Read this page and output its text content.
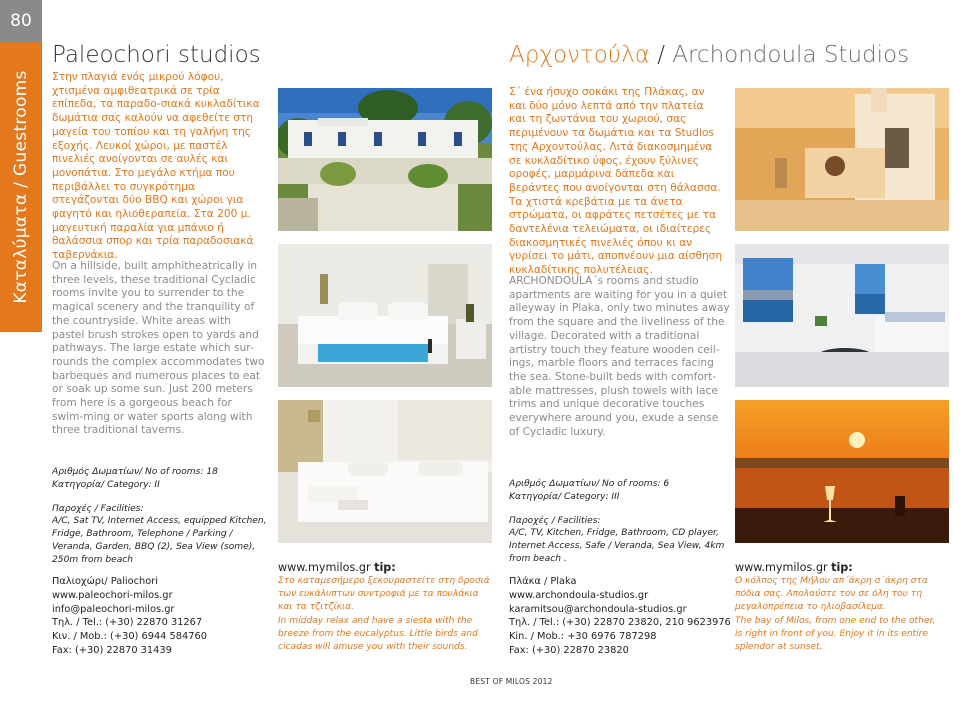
80
Καταλύματα / Guestrooms
Paleochori studios
Στην πλαγιά ενός μικρού λόφου, χτισμένα αμφιθεατρικά σε τρία επίπεδα, τα παραδο-σιακά κυκλαδίτικα δωμάτια σας καλούν να αφεθείτε στη μαγεία του τοπίου και τη γαλήνη της εξοχής. Λευκοί χώροι, με παστέλ πινελιές ανοίγονται σε αυλές και μονοπάτια. Στο μεγάλο κτήμα που περιβάλλει το συγκρότημα στεγάζονται δύο BBQ και χώροι για φαγητό και ηλιοθεραπεία. Στα 200 μ. μαγευτική παραλία για μπάνιο ή θαλάσσια σπορ και τρία παραδοσιακά ταβερνάκια.
On a hillside, built amphitheatrically in three levels, these traditional Cycladic rooms invite you to surrender to the magical scenery and the tranquility of the countryside. White areas with pastel brush strokes open to yards and pathways. The large estate which sur-rounds the complex accommodates two barbeques and numerous places to eat or soak up some sun. Just 200 meters from here is a gorgeous beach for swim-ming or water sports along with three traditional taverns.

Αριθμός Δωματίων/ No of rooms: 18

Κατηγορία/ Category: ΙΙ

Παροχές / Facilities:

A/C, Sat TV, Internet Access, equipped Kitchen, Fridge, Bathroom, Telephone / Parking / Veranda, Garden, BBQ (2), Sea View (some), 250m from beach

Παλιοχώρι/ Paliochori
www.paleochori-milos.gr
info@paleochori-milos.gr
Τηλ. / Tel.: (+30) 22870 31267
Κιν. / Mob.: (+30) 6944 584760
Fax: (+30) 22870 31439
www.mymilos.gr tip:
Στο καταμεσήμερο ξεκουραστείτε στη δροσιά των ευκάλυπτων συντροφιά με τα πουλάκια και τα τζιτζίκια.
In midday relax and have a siesta with the breeze from the eucalyptus. Little birds and cicadas will amuse you with their sounds.
Αρχοντούλα / Archondoula Studios
Σ΄ ένα ήσυχο σοκάκι της Πλάκας, αν και δύο μόνο λεπτά από την πλατεία και τη ζωντάνια του χωριού, σας περιμένουν τα δωμάτια και τα Studios της Αρχοντούλας. Λιτά διακοσμημένα σε κυκλαδίτικο ύφος, έχουν ξύλινες οροφές, μαρμάρινα δάπεδα και βεράντες που ανοίγονται στη θάλασσα. Τα χτιστά κρεβάτια με τα άνετα στρώματα, οι αφράτες πετσέτες με τα δαντελένια τελειώματα, οι ιδιαίτερες διακοσμητικές πινελιές όπου κι αν γυρίσει το μάτι, αποπνέουν μια αίσθηση κυκλαδίτικης πολυτέλειας.
ARCHONDOULA΄s rooms and studio apartments are waiting for you in a quiet alleyway in Plaka, only two minutes away from the square and the liveliness of the village. Decorated with a traditional artistry touch they feature wooden ceil-ings, marble floors and terraces facing the sea. Stone-built beds with comfort-able mattresses, plush towels with lace trims and unique decorative touches everywhere around you, exude a sense of Cycladic luxury.

Αριθμός Δωματίων/ No of rooms: 6

Κατηγορία/ Category: ΙΙΙ

Παροχές / Facilities:

A/C, TV, Kitchen, Fridge, Bathroom, CD player, Internet Access, Safe / Veranda, Sea View, 4km from beach .

Πλάκα / Plaka
www.archondoula-studios.gr
karamitsou@archondoula-studios.gr
Τηλ. / Tel.: (+30) 22870 23820, 210 9623976
Kin. / Mob.: +30 6976 787298
Fax: (+30) 22870 23820
www.mymilos.gr tip:
Ο κόλπος της Μήλου απ΄άκρη σ΄άκρη στα πόδια σας. Απολαύστε τον σε όλη του τη μεγαλοπρέπεια το ηλιοβασίλεμα.
The bay of Milos, from one end to the other, is right in front of you. Enjoy it in its entire splendor at sunset.
BEST OF MILOS 2012
